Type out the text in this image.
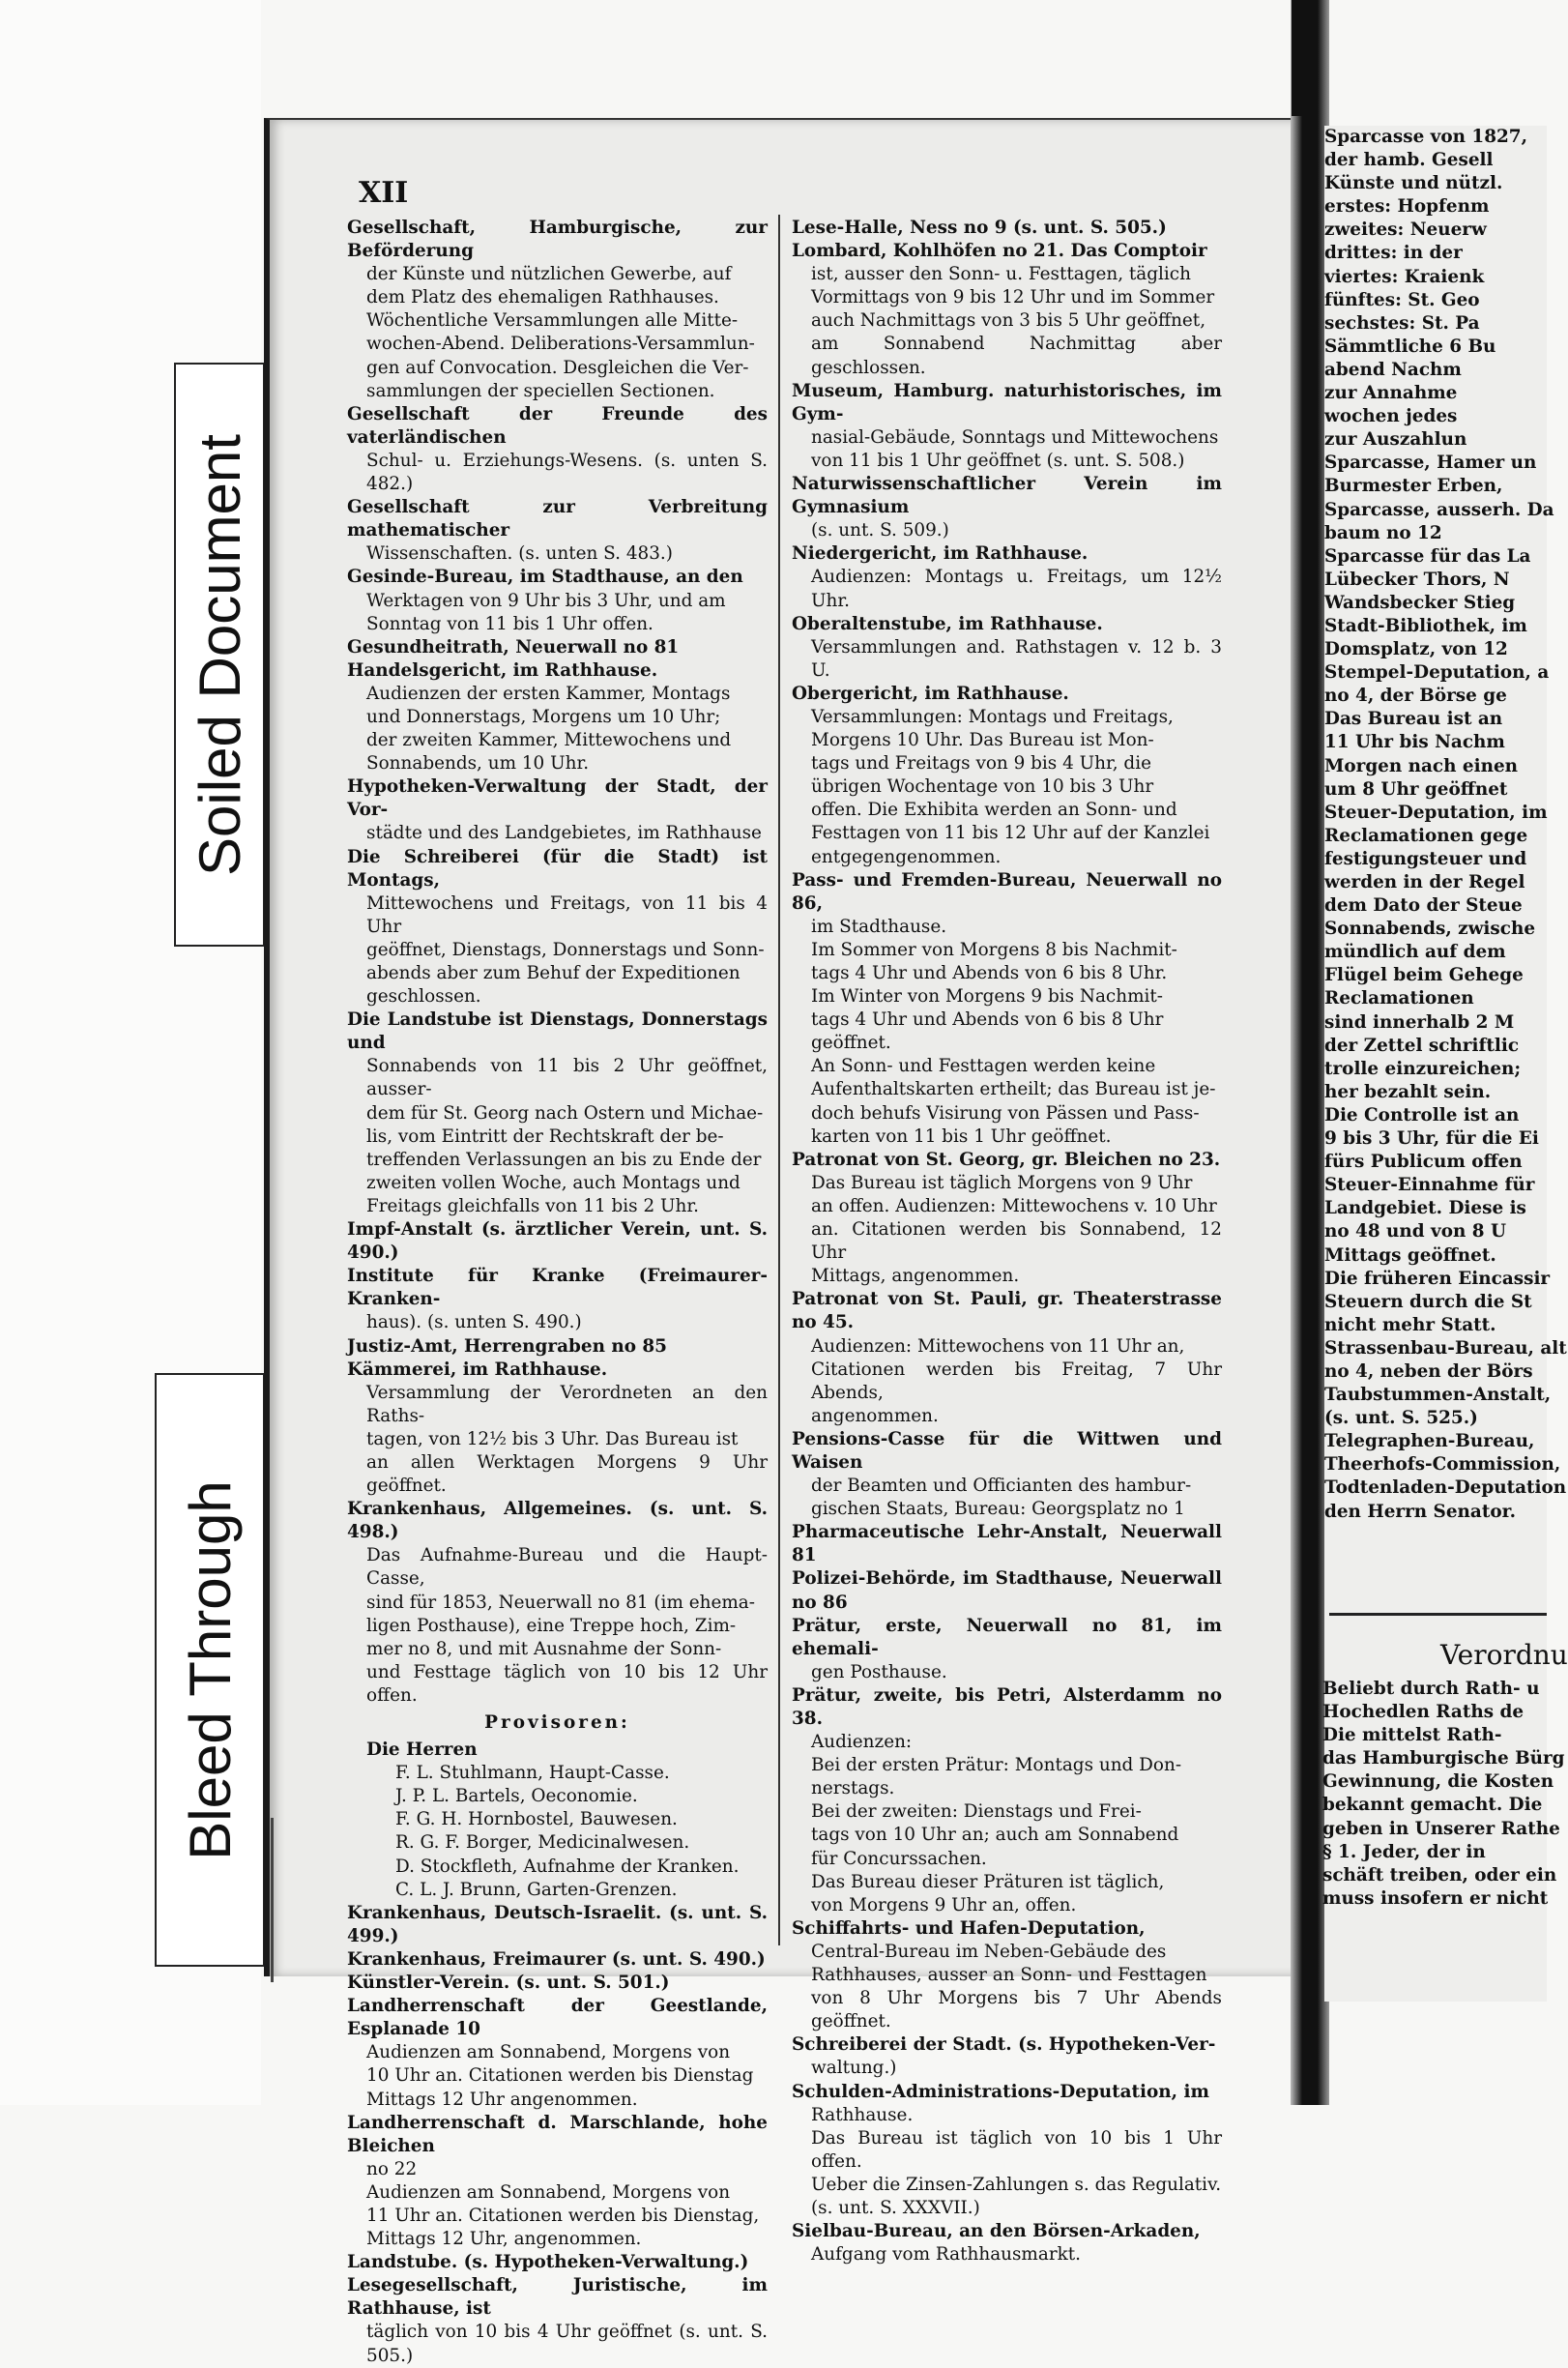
Soiled Document
Bleed Through
XII
Gesellschaft, Hamburgische, zur Beförderung
der Künste und nützlichen Gewerbe, auf
dem Platz des ehemaligen Rathhauses.
Wöchentliche Versammlungen alle Mitte-
wochen-Abend. Deliberations-Versammlun-
gen auf Convocation. Desgleichen die Ver-
sammlungen der speciellen Sectionen.
Gesellschaft der Freunde des vaterländischen
Schul- u. Erziehungs-Wesens. (s. unten S. 482.)
Gesellschaft zur Verbreitung mathematischer
Wissenschaften. (s. unten S. 483.)
Gesinde-Bureau, im Stadthause, an den
Werktagen von 9 Uhr bis 3 Uhr, und am
Sonntag von 11 bis 1 Uhr offen.
Gesundheitrath, Neuerwall no 81
Handelsgericht, im Rathhause.
Audienzen der ersten Kammer, Montags
und Donnerstags, Morgens um 10 Uhr;
der zweiten Kammer, Mittewochens und
Sonnabends, um 10 Uhr.
Hypotheken-Verwaltung der Stadt, der Vor-
städte und des Landgebietes, im Rathhause
Die Schreiberei (für die Stadt) ist Montags,
Mittewochens und Freitags, von 11 bis 4 Uhr
geöffnet, Dienstags, Donnerstags und Sonn-
abends aber zum Behuf der Expeditionen
geschlossen.
Die Landstube ist Dienstags, Donnerstags und
Sonnabends von 11 bis 2 Uhr geöffnet, ausser-
dem für St. Georg nach Ostern und Michae-
lis, vom Eintritt der Rechtskraft der be-
treffenden Verlassungen an bis zu Ende der
zweiten vollen Woche, auch Montags und
Freitags gleichfalls von 11 bis 2 Uhr.
Impf-Anstalt (s. ärztlicher Verein, unt. S. 490.)
Institute für Kranke (Freimaurer-Kranken-
haus). (s. unten S. 490.)
Justiz-Amt, Herrengraben no 85
Kämmerei, im Rathhause.
Versammlung der Verordneten an den Raths-
tagen, von 12½ bis 3 Uhr. Das Bureau ist
an allen Werktagen Morgens 9 Uhr geöffnet.
Krankenhaus, Allgemeines. (s. unt. S. 498.)
Das Aufnahme-Bureau und die Haupt-Casse,
sind für 1853, Neuerwall no 81 (im ehema-
ligen Posthause), eine Treppe hoch, Zim-
mer no 8, und mit Ausnahme der Sonn-
und Festtage täglich von 10 bis 12 Uhr offen.
Provisoren:
Die Herren
F. L. Stuhlmann, Haupt-Casse.
J. P. L. Bartels, Oeconomie.
F. G. H. Hornbostel, Bauwesen.
R. G. F. Borger, Medicinalwesen.
D. Stockfleth, Aufnahme der Kranken.
C. L. J. Brunn, Garten-Grenzen.
Krankenhaus, Deutsch-Israelit. (s. unt. S. 499.)
Krankenhaus, Freimaurer (s. unt. S. 490.)
Künstler-Verein. (s. unt. S. 501.)
Landherrenschaft der Geestlande, Esplanade 10
Audienzen am Sonnabend, Morgens von
10 Uhr an. Citationen werden bis Dienstag
Mittags 12 Uhr angenommen.
Landherrenschaft d. Marschlande, hohe Bleichen
no 22
Audienzen am Sonnabend, Morgens von
11 Uhr an. Citationen werden bis Dienstag,
Mittags 12 Uhr, angenommen.
Landstube. (s. Hypotheken-Verwaltung.)
Lesegesellschaft, Juristische, im Rathhause, ist
täglich von 10 bis 4 Uhr geöffnet (s. unt. S. 505.)
Lese-Halle, Ness no 9 (s. unt. S. 505.)
Lombard, Kohlhöfen no 21. Das Comptoir
ist, ausser den Sonn- u. Festtagen, täglich
Vormittags von 9 bis 12 Uhr und im Sommer
auch Nachmittags von 3 bis 5 Uhr geöffnet,
am Sonnabend Nachmittag aber geschlossen.
Museum, Hamburg. naturhistorisches, im Gym-
nasial-Gebäude, Sonntags und Mittewochens
von 11 bis 1 Uhr geöffnet (s. unt. S. 508.)
Naturwissenschaftlicher Verein im Gymnasium
(s. unt. S. 509.)
Niedergericht, im Rathhause.
Audienzen: Montags u. Freitags, um 12½ Uhr.
Oberaltenstube, im Rathhause.
Versammlungen and. Rathstagen v. 12 b. 3 U.
Obergericht, im Rathhause.
Versammlungen: Montags und Freitags,
Morgens 10 Uhr. Das Bureau ist Mon-
tags und Freitags von 9 bis 4 Uhr, die
übrigen Wochentage von 10 bis 3 Uhr
offen. Die Exhibita werden an Sonn- und
Festtagen von 11 bis 12 Uhr auf der Kanzlei
entgegengenommen.
Pass- und Fremden-Bureau, Neuerwall no 86,
im Stadthause.
Im Sommer von Morgens 8 bis Nachmit-
tags 4 Uhr und Abends von 6 bis 8 Uhr.
Im Winter von Morgens 9 bis Nachmit-
tags 4 Uhr und Abends von 6 bis 8 Uhr
geöffnet.
An Sonn- und Festtagen werden keine
Aufenthaltskarten ertheilt; das Bureau ist je-
doch behufs Visirung von Pässen und Pass-
karten von 11 bis 1 Uhr geöffnet.
Patronat von St. Georg, gr. Bleichen no 23.
Das Bureau ist täglich Morgens von 9 Uhr
an offen. Audienzen: Mittewochens v. 10 Uhr
an. Citationen werden bis Sonnabend, 12 Uhr
Mittags, angenommen.
Patronat von St. Pauli, gr. Theaterstrasse no 45.
Audienzen: Mittewochens von 11 Uhr an,
Citationen werden bis Freitag, 7 Uhr Abends,
angenommen.
Pensions-Casse für die Wittwen und Waisen
der Beamten und Officianten des hambur-
gischen Staats, Bureau: Georgsplatz no 1
Pharmaceutische Lehr-Anstalt, Neuerwall 81
Polizei-Behörde, im Stadthause, Neuerwall no 86
Prätur, erste, Neuerwall no 81, im ehemali-
gen Posthause.
Prätur, zweite, bis Petri, Alsterdamm no 38.
Audienzen:
Bei der ersten Prätur: Montags und Don-
nerstags.
Bei der zweiten: Dienstags und Frei-
tags von 10 Uhr an; auch am Sonnabend
für Concurssachen.
Das Bureau dieser Präturen ist täglich,
von Morgens 9 Uhr an, offen.
Schiffahrts- und Hafen-Deputation,
Central-Bureau im Neben-Gebäude des
Rathhauses, ausser an Sonn- und Festtagen
von 8 Uhr Morgens bis 7 Uhr Abends geöffnet.
Schreiberei der Stadt. (s. Hypotheken-Ver-
waltung.)
Schulden-Administrations-Deputation, im
Rathhause.
Das Bureau ist täglich von 10 bis 1 Uhr offen.
Ueber die Zinsen-Zahlungen s. das Regulativ.
(s. unt. S. XXXVII.)
Sielbau-Bureau, an den Börsen-Arkaden,
Aufgang vom Rathhausmarkt.
Sparcasse von 1827,
der hamb. Gesell
Künste und nützl.
erstes: Hopfenm
zweites: Neuerw
drittes: in der
viertes: Kraienk
fünftes: St. Geo
sechstes: St. Pa
Sämmtliche 6 Bu
abend Nachm
zur Annahme
wochen jedes
zur Auszahlun
Sparcasse, Hamer un
Burmester Erben,
Sparcasse, ausserh. Da
baum no 12
Sparcasse für das La
Lübecker Thors, N
Wandsbecker Stieg
Stadt-Bibliothek, im
Domsplatz, von 12
Stempel-Deputation, a
no 4, der Börse ge
Das Bureau ist an
11 Uhr bis Nachm
Morgen nach einen
um 8 Uhr geöffnet
Steuer-Deputation, im
Reclamationen gege
festigungsteuer und
werden in der Regel
dem Dato der Steue
Sonnabends, zwische
mündlich auf dem
Flügel beim Gehege
Reclamationen
sind innerhalb 2 M
der Zettel schriftlic
trolle einzureichen;
her bezahlt sein.
Die Controlle ist an
9 bis 3 Uhr, für die Ei
fürs Publicum offen
Steuer-Einnahme für
Landgebiet. Diese is
no 48 und von 8 U
Mittags geöffnet.
Die früheren Eincassir
Steuern durch die St
nicht mehr Statt.
Strassenbau-Bureau, alt
no 4, neben der Börs
Taubstummen-Anstalt,
(s. unt. S. 525.)
Telegraphen-Bureau,
Theerhofs-Commission,
Todtenladen-Deputation
den Herrn Senator.
Verordnu
Beliebt durch Rath- u
Hochedlen Raths de
Die mittelst Rath-
das Hamburgische Bürg
Gewinnung, die Kosten
bekannt gemacht. Die
geben in Unserer Rathe
§ 1. Jeder, der in
schäft treiben, oder ein
muss insofern er nicht
